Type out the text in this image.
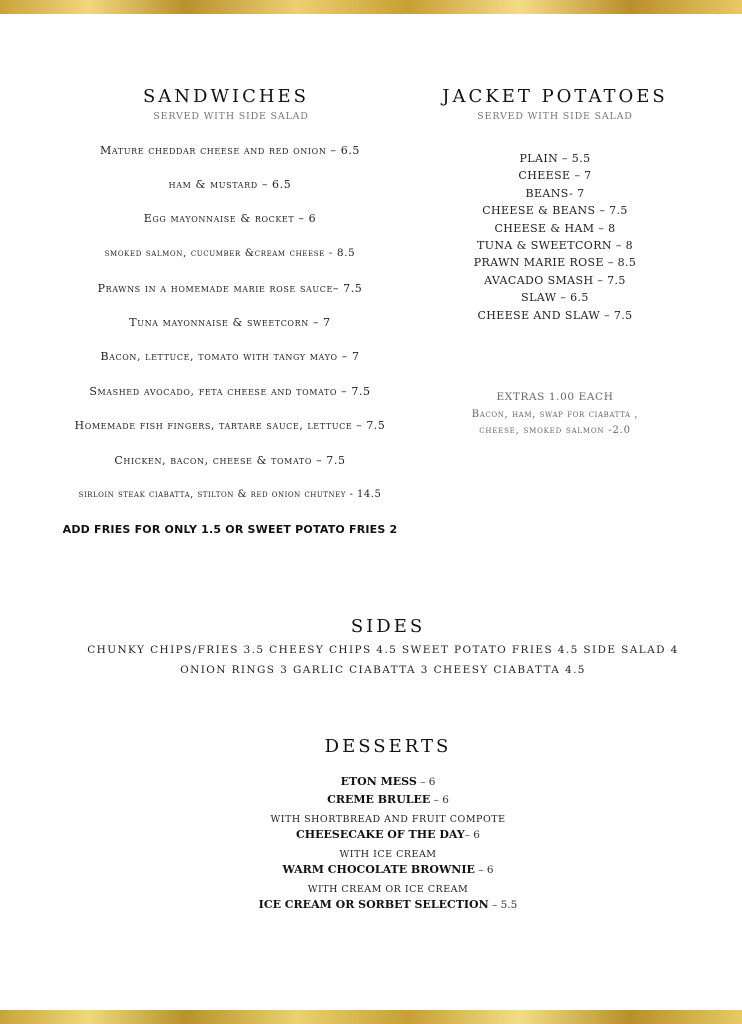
SANDWICHES
SERVED WITH SIDE SALAD
Mature cheddar cheese and red onion – 6.5
ham & mustard – 6.5
Egg mayonnaise & rocket – 6
smoked salmon, cucumber &cream cheese - 8.5
Prawns in a homemade marie rose sauce– 7.5
Tuna mayonnaise & sweetcorn – 7
Bacon, lettuce, tomato with tangy mayo – 7
Smashed avocado, feta cheese and tomato – 7.5
Homemade fish fingers, tartare sauce, lettuce – 7.5
Chicken, bacon, cheese & tomato – 7.5
sirloin steak ciabatta, stilton & red onion chutney - 14.5
ADD FRIES FOR ONLY 1.5 OR SWEET POTATO FRIES 2
JACKET POTATOES
SERVED WITH SIDE SALAD
PLAIN – 5.5
CHEESE – 7
BEANS- 7
CHEESE & BEANS – 7.5
CHEESE & HAM – 8
TUNA & SWEETCORN – 8
PRAWN MARIE ROSE – 8.5
AVACADO SMASH – 7.5
SLAW – 6.5
CHEESE AND SLAW – 7.5
EXTRAS 1.00 EACH
Bacon, ham, swap for ciabatta ,
cheese, smoked salmon -2.0
SIDES
CHUNKY CHIPS/FRIES 3.5 CHEESY CHIPS 4.5 SWEET POTATO FRIES 4.5 SIDE SALAD 4
ONION RINGS 3 GARLIC CIABATTA 3 CHEESY CIABATTA 4.5
DESSERTS
ETON MESS – 6
CREME BRULEE – 6
WITH SHORTBREAD AND FRUIT COMPOTE
CHEESECAKE OF THE DAY– 6
WITH ICE CREAM
WARM CHOCOLATE BROWNIE – 6
WITH CREAM OR ICE CREAM
ICE CREAM OR SORBET SELECTION – 5.5
